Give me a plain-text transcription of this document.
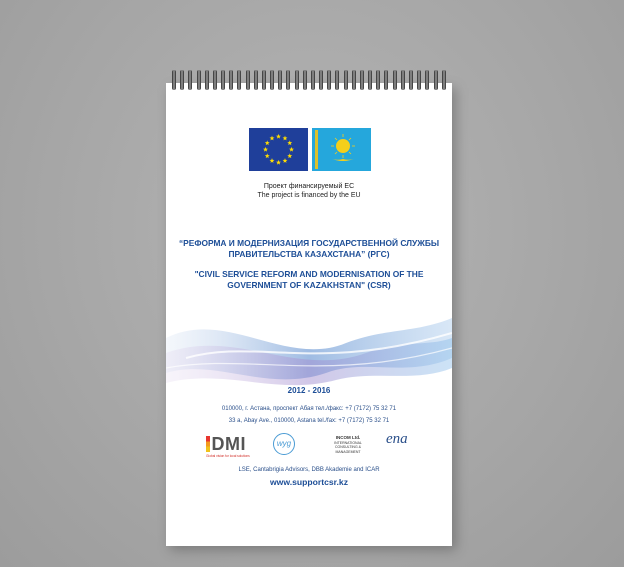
Проект финансируемый ЕС
The project is financed by the EU
“РЕФОРМА И МОДЕРНИЗАЦИЯ ГОСУДАРСТВЕННОЙ СЛУЖБЫ
ПРАВИТЕЛЬСТВА КАЗАХСТАНА” (РГС)
"CIVIL SERVICE REFORM AND MODERNISATION OF THE
GOVERNMENT OF KAZAKHSTAN" (CSR)
2012 - 2016
010000, г. Астана, проспект Абая тел./факс: +7 (7172) 75 32 71
33 а, Abay Ave., 010000, Astana tel./fax: +7 (7172) 75 32 71
DMI
Global vision for local solutions
wyg
INCOM Ltd.
INTERNATIONAL CONSULTING & MANAGEMENT
ena
LSE, Cantabrigia Advisors, DBB Akademie and ICAR
www.supportcsr.kz
